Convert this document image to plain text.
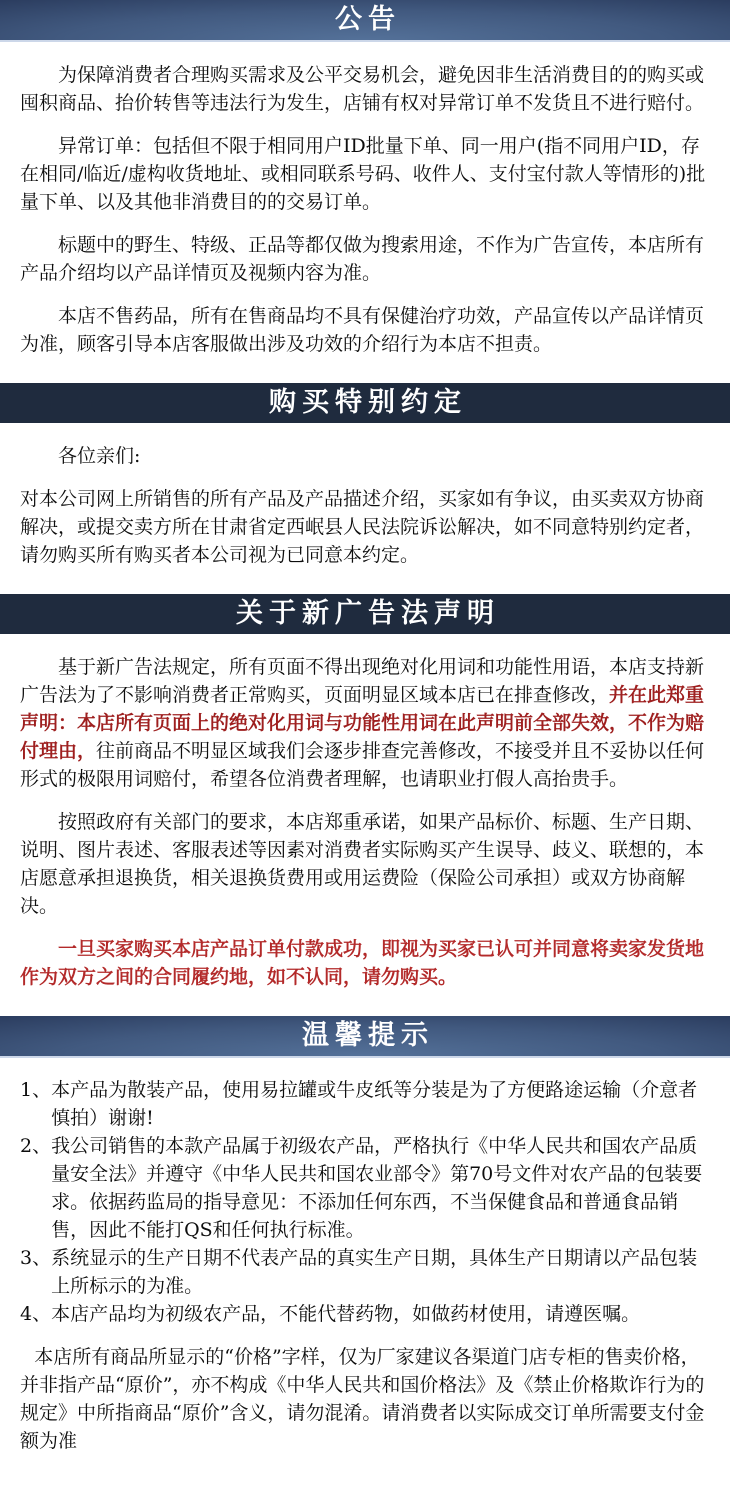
公告

为保障消费者合理购买需求及公平交易机会，避免因非生活消费目的的购买或囤积商品、抬价转售等违法行为发生，店铺有权对异常订单不发货且不进行赔付。

异常订单：包括但不限于相同用户ID批量下单、同一用户(指不同用户ID，存在相同/临近/虚构收货地址、或相同联系号码、收件人、支付宝付款人等情形的)批量下单、以及其他非消费目的的交易订单。

标题中的野生、特级、正品等都仅做为搜索用途，不作为广告宣传，本店所有产品介绍均以产品详情页及视频内容为准。

本店不售药品，所有在售商品均不具有保健治疗功效，产品宣传以产品详情页为准，顾客引导本店客服做出涉及功效的介绍行为本店不担责。

购买特别约定

各位亲们:

对本公司网上所销售的所有产品及产品描述介绍，买家如有争议，由买卖双方协商解决，或提交卖方所在甘肃省定西岷县人民法院诉讼解决，如不同意特别约定者，请勿购买所有购买者本公司视为已同意本约定。

关于新广告法声明

基于新广告法规定，所有页面不得出现绝对化用词和功能性用语，本店支持新广告法为了不影响消费者正常购买，页面明显区域本店已在排查修改，并在此郑重声明：本店所有页面上的绝对化用词与功能性用词在此声明前全部失效，不作为赔付理由，往前商品不明显区域我们会逐步排查完善修改，不接受并且不妥协以任何形式的极限用词赔付，希望各位消费者理解，也请职业打假人高抬贵手。

按照政府有关部门的要求，本店郑重承诺，如果产品标价、标题、生产日期、说明、图片表述、客服表述等因素对消费者实际购买产生误导、歧义、联想的，本店愿意承担退换货，相关退换货费用或用运费险（保险公司承担）或双方协商解决。

一旦买家购买本店产品订单付款成功，即视为买家已认可并同意将卖家发货地作为双方之间的合同履约地，如不认同，请勿购买。

温馨提示
1、 本产品为散装产品，使用易拉罐或牛皮纸等分装是为了方便路途运输（介意者慎拍）谢谢!
2、 我公司销售的本款产品属于初级农产品，严格执行《中华人民共和国农产品质量安全法》并遵守《中华人民共和国农业部令》第70号文件对农产品的包装要求。依据药监局的指导意见：不添加任何东西，不当保健食品和普通食品销售，因此不能打QS和任何执行标准。
3、 系统显示的生产日期不代表产品的真实生产日期，具体生产日期请以产品包装上所标示的为准。
4、 本店产品均为初级农产品，不能代替药物，如做药材使用，请遵医嘱。

本店所有商品所显示的“价格”字样，仅为厂家建议各渠道门店专柜的售卖价格，并非指产品“原价”，亦不构成《中华人民共和国价格法》及《禁止价格欺诈行为的规定》中所指商品“原价”含义，请勿混淆。请消费者以实际成交订单所需要支付金额为准
